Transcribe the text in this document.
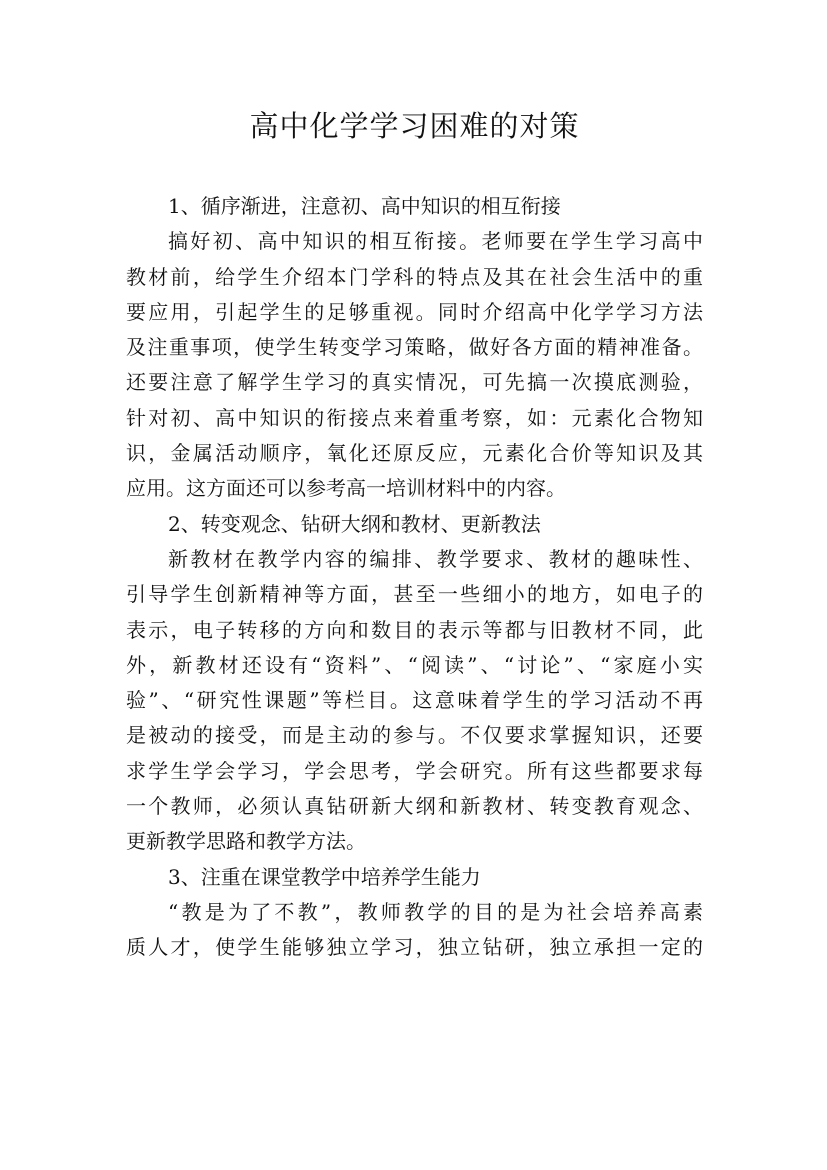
高中化学学习困难的对策
1、循序渐进，注意初、高中知识的相互衔接
搞好初、高中知识的相互衔接。老师要在学生学习高中
教材前，给学生介绍本门学科的特点及其在社会生活中的重
要应用，引起学生的足够重视。同时介绍高中化学学习方法
及注重事项，使学生转变学习策略，做好各方面的精神准备。
还要注意了解学生学习的真实情况，可先搞一次摸底测验，
针对初、高中知识的衔接点来着重考察，如：元素化合物知
识，金属活动顺序，氧化还原反应，元素化合价等知识及其
应用。这方面还可以参考高一培训材料中的内容。
2、转变观念、钻研大纲和教材、更新教法
新教材在教学内容的编排、教学要求、教材的趣味性、
引导学生创新精神等方面，甚至一些细小的地方，如电子的
表示，电子转移的方向和数目的表示等都与旧教材不同，此
外，新教材还设有“资料”、“阅读”、“讨论”、“家庭小实
验”、“研究性课题”等栏目。这意味着学生的学习活动不再
是被动的接受，而是主动的参与。不仅要求掌握知识，还要
求学生学会学习，学会思考，学会研究。所有这些都要求每
一个教师，必须认真钻研新大纲和新教材、转变教育观念、
更新教学思路和教学方法。
3、注重在课堂教学中培养学生能力
“教是为了不教”，教师教学的目的是为社会培养高素
质人才，使学生能够独立学习，独立钻研，独立承担一定的
